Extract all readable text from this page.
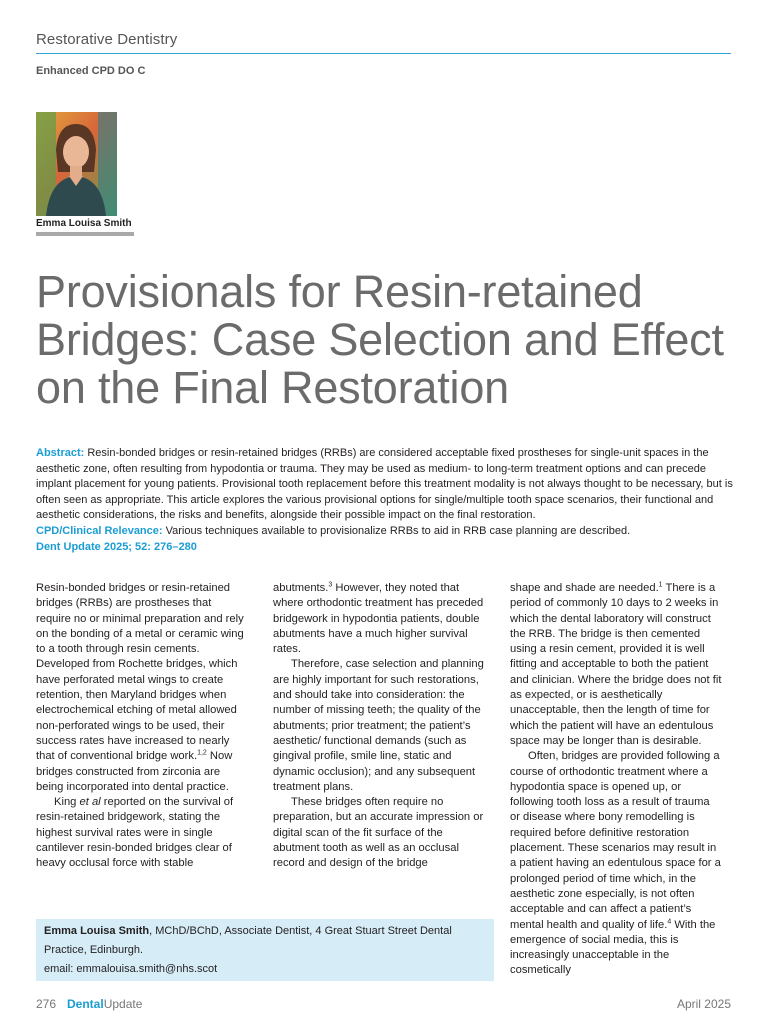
Restorative Dentistry
Enhanced CPD DO C
Emma Louisa Smith
Provisionals for Resin-retained Bridges: Case Selection and Effect on the Final Restoration

Abstract: Resin-bonded bridges or resin-retained bridges (RRBs) are considered acceptable fixed prostheses for single-unit spaces in the aesthetic zone, often resulting from hypodontia or trauma. They may be used as medium- to long-term treatment options and can precede implant placement for young patients. Provisional tooth replacement before this treatment modality is not always thought to be necessary, but is often seen as appropriate. This article explores the various provisional options for single/multiple tooth space scenarios, their functional and aesthetic considerations, the risks and benefits, alongside their possible impact on the final restoration.

CPD/Clinical Relevance: Various techniques available to provisionalize RRBs to aid in RRB case planning are described.

Dent Update 2025; 52: 276–280

Resin-bonded bridges or resin-retained bridges (RRBs) are prostheses that require no or minimal preparation and rely on the bonding of a metal or ceramic wing to a tooth through resin cements. Developed from Rochette bridges, which have perforated metal wings to create retention, then Maryland bridges when electrochemical etching of metal allowed non-perforated wings to be used, their success rates have increased to nearly that of conventional bridge work.$^{1,2}$ Now bridges constructed from zirconia are being incorporated into dental practice.

King et al reported on the survival of resin-retained bridgework, stating the highest survival rates were in single cantilever resin-bonded bridges clear of heavy occlusal force with stable

abutments.$^3$ However, they noted that where orthodontic treatment has preceded bridgework in hypodontia patients, double abutments have a much higher survival rates.

Therefore, case selection and planning are highly important for such restorations, and should take into consideration: the number of missing teeth; the quality of the abutments; prior treatment; the patient’s aesthetic/ functional demands (such as gingival profile, smile line, static and dynamic occlusion); and any subsequent treatment plans.

These bridges often require no preparation, but an accurate impression or digital scan of the fit surface of the abutment tooth as well as an occlusal record and design of the bridge

shape and shade are needed.$^1$ There is a period of commonly 10 days to 2 weeks in which the dental laboratory will construct the RRB. The bridge is then cemented using a resin cement, provided it is well fitting and acceptable to both the patient and clinician. Where the bridge does not fit as expected, or is aesthetically unacceptable, then the length of time for which the patient will have an edentulous space may be longer than is desirable.

Often, bridges are provided following a course of orthodontic treatment where a hypodontia space is opened up, or following tooth loss as a result of trauma or disease where bony remodelling is required before definitive restoration placement. These scenarios may result in a patient having an edentulous space for a prolonged period of time which, in the aesthetic zone especially, is not often acceptable and can affect a patient’s mental health and quality of life.$^4$ With the emergence of social media, this is increasingly unacceptable in the cosmetically

Emma Louisa Smith, MChD/BChD, Associate Dentist, 4 Great Stuart Street Dental Practice, Edinburgh.

email: emmalouisa.smith@nhs.scot

276 DentalUpdate	April 2025
